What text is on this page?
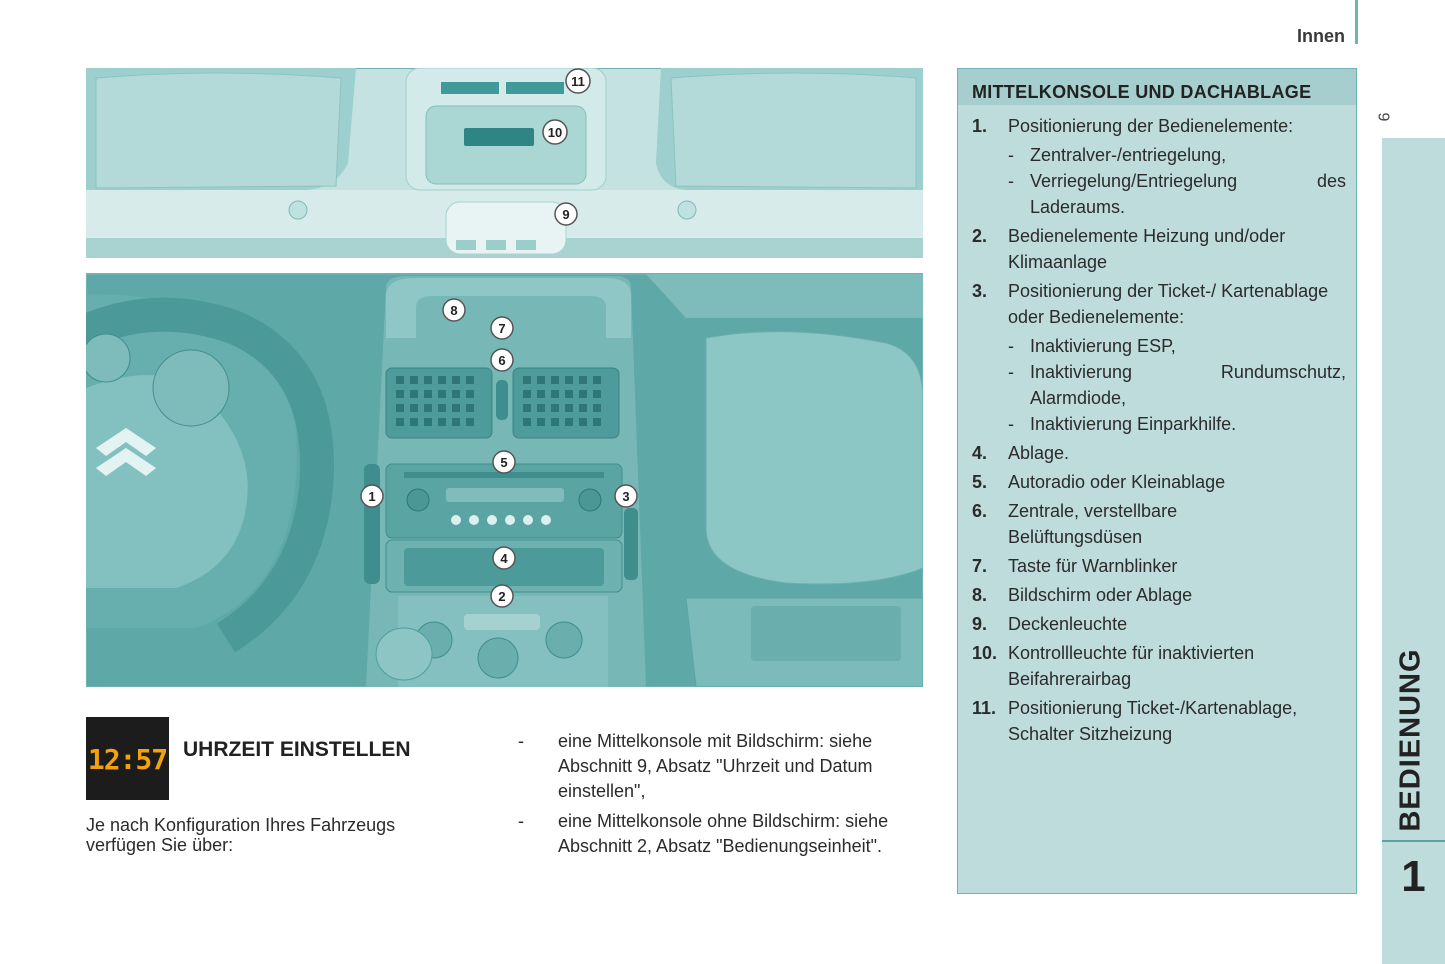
Innen
9
BEDIENUNG
1
1
2
3
4
5
6
7
8
9
10
11
MITTELKONSOLE UND DACHABLAGE
1.	Positionierung der Bedienelemente:
- Zentralver-/entriegelung,
- Verriegelung/Entriegelung des Laderaums.
2.	Bedienelemente Heizung und/oder Klimaanlage
3.	Positionierung der Ticket-/ Kartenablage oder Bedienelemente:
- Inaktivierung ESP,
- Inaktivierung Rundumschutz, Alarmdiode,
- Inaktivierung Einparkhilfe.
4.	Ablage.
5.	Autoradio oder Kleinablage
6.	Zentrale, verstellbare Belüftungsdüsen
7.	Taste für Warnblinker
8.	Bildschirm oder Ablage
9.	Deckenleuchte
10. Kontrollleuchte für inaktivierten Beifahrerairbag
11. Positionierung Ticket-/Kartenablage, Schalter Sitzheizung
12:57 UHRZEIT EINSTELLEN
Je nach Konfiguration Ihres Fahrzeugs verfügen Sie über:
-	eine Mittelkonsole mit Bildschirm: siehe Abschnitt 9, Absatz "Uhrzeit und Datum einstellen",
-	eine Mittelkonsole ohne Bildschirm: siehe Abschnitt 2, Absatz "Bedienungseinheit".
